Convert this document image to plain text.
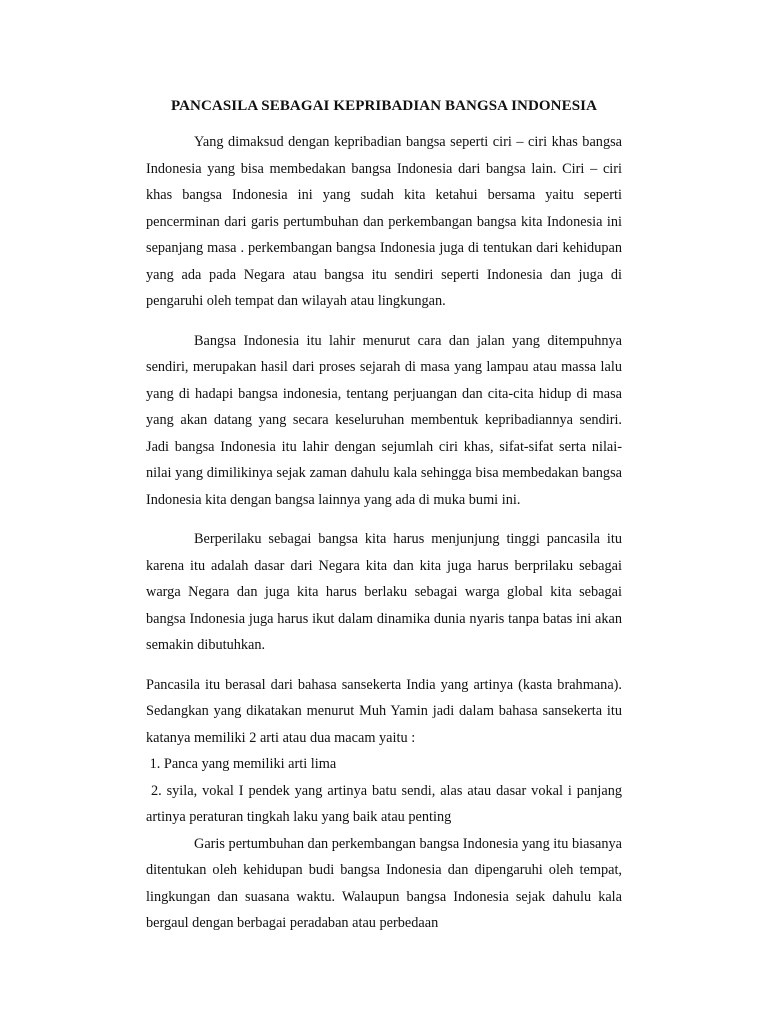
PANCASILA SEBAGAI KEPRIBADIAN BANGSA INDONESIA

Yang dimaksud dengan kepribadian bangsa seperti ciri – ciri khas bangsa Indonesia yang bisa membedakan bangsa Indonesia dari bangsa lain. Ciri – ciri khas bangsa Indonesia ini yang sudah kita ketahui bersama yaitu seperti pencerminan dari garis pertumbuhan dan perkembangan bangsa kita Indonesia ini sepanjang masa . perkembangan bangsa Indonesia juga di tentukan dari kehidupan yang ada pada Negara atau bangsa itu sendiri seperti Indonesia dan juga di pengaruhi oleh tempat dan wilayah atau lingkungan.

Bangsa Indonesia itu lahir menurut cara dan jalan yang ditempuhnya sendiri, merupakan hasil dari proses sejarah di masa yang lampau atau massa lalu yang di hadapi bangsa indonesia, tentang perjuangan dan cita-cita hidup di masa yang akan datang yang secara keseluruhan membentuk kepribadiannya sendiri. Jadi bangsa Indonesia itu lahir dengan sejumlah ciri khas, sifat-sifat serta nilai-nilai yang dimilikinya sejak zaman dahulu kala sehingga bisa membedakan bangsa Indonesia kita dengan bangsa lainnya yang ada di muka bumi ini.

Berperilaku sebagai bangsa kita harus menjunjung tinggi pancasila itu karena itu adalah dasar dari Negara kita dan kita juga harus berprilaku sebagai warga Negara dan juga kita harus berlaku sebagai warga global kita sebagai bangsa Indonesia juga harus ikut dalam dinamika dunia nyaris tanpa batas ini akan semakin dibutuhkan.

Pancasila itu berasal dari bahasa sansekerta India yang artinya (kasta brahmana). Sedangkan yang dikatakan menurut Muh Yamin jadi dalam bahasa sansekerta itu katanya memiliki 2 arti atau dua macam yaitu :

1. Panca yang memiliki arti lima

2. syila, vokal I pendek yang artinya batu sendi, alas atau dasar vokal i panjang artinya peraturan tingkah laku yang baik atau penting

Garis pertumbuhan dan perkembangan bangsa Indonesia yang itu biasanya ditentukan oleh kehidupan budi bangsa Indonesia dan dipengaruhi oleh tempat, lingkungan dan suasana waktu. Walaupun bangsa Indonesia sejak dahulu kala bergaul dengan berbagai peradaban atau perbedaan
